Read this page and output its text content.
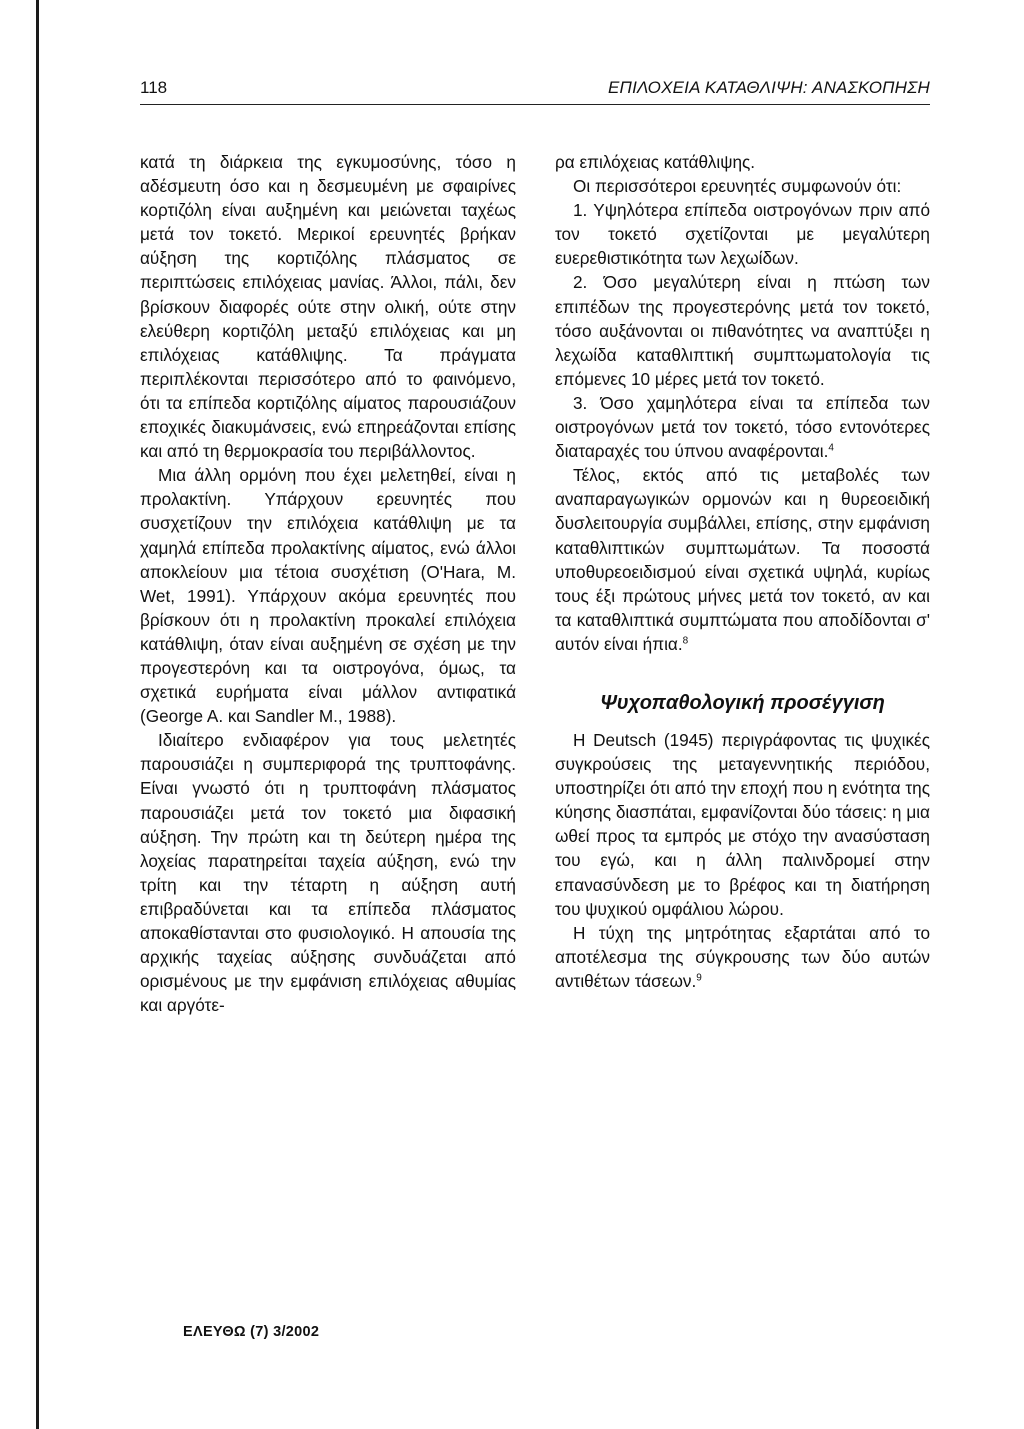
118	ΕΠΙΛΟΧΕΙΑ ΚΑΤΑΘΛΙΨΗ: ΑΝΑΣΚΟΠΗΣΗ

κατά τη διάρκεια της εγκυμοσύνης, τόσο η αδέσμευτη όσο και η δεσμευμένη με σφαιρίνες κορτιζόλη είναι αυξημένη και μειώνεται ταχέως μετά τον τοκετό. Μερικοί ερευνητές βρήκαν αύξηση της κορτιζόλης πλάσματος σε περιπτώσεις επιλόχειας μανίας. Άλλοι, πάλι, δεν βρίσκουν διαφορές ούτε στην ολική, ούτε στην ελεύθερη κορτιζόλη μεταξύ επιλόχειας και μη επιλόχειας κατάθλιψης. Τα πράγματα περιπλέκονται περισσότερο από το φαινόμενο, ότι τα επίπεδα κορτιζόλης αίματος παρουσιάζουν εποχικές διακυμάνσεις, ενώ επηρεάζονται επίσης και από τη θερμοκρασία του περιβάλλοντος.

Μια άλλη ορμόνη που έχει μελετηθεί, είναι η προλακτίνη. Υπάρχουν ερευνητές που συσχετίζουν την επιλόχεια κατάθλιψη με τα χαμηλά επίπεδα προλακτίνης αίματος, ενώ άλλοι αποκλείουν μια τέτοια συσχέτιση (O'Hara, M. Wet, 1991). Υπάρχουν ακόμα ερευνητές που βρίσκουν ότι η προλακτίνη προκαλεί επιλόχεια κατάθλιψη, όταν είναι αυξημένη σε σχέση με την προγεστερόνη και τα οιστρογόνα, όμως, τα σχετικά ευρήματα είναι μάλλον αντιφατικά (George A. και Sandler M., 1988).

Ιδιαίτερο ενδιαφέρον για τους μελετητές παρουσιάζει η συμπεριφορά της τρυπτοφάνης. Είναι γνωστό ότι η τρυπτοφάνη πλάσματος παρουσιάζει μετά τον τοκετό μια διφασική αύξηση. Την πρώτη και τη δεύτερη ημέρα της λοχείας παρατηρείται ταχεία αύξηση, ενώ την τρίτη και την τέταρτη η αύξηση αυτή επιβραδύνεται και τα επίπεδα πλάσματος αποκαθίστανται στο φυσιολογικό. Η απουσία της αρχικής ταχείας αύξησης συνδυάζεται από ορισμένους με την εμφάνιση επιλόχειας αθυμίας και αργότε-

ρα επιλόχειας κατάθλιψης.

Οι περισσότεροι ερευνητές συμφωνούν ότι:

1. Υψηλότερα επίπεδα οιστρογόνων πριν από τον τοκετό σχετίζονται με μεγαλύτερη ευερεθιστικότητα των λεχωίδων.

2. Όσο μεγαλύτερη είναι η πτώση των επιπέδων της προγεστερόνης μετά τον τοκετό, τόσο αυξάνονται οι πιθανότητες να αναπτύξει η λεχωίδα καταθλιπτική συμπτωματολογία τις επόμενες 10 μέρες μετά τον τοκετό.

3. Όσο χαμηλότερα είναι τα επίπεδα των οιστρογόνων μετά τον τοκετό, τόσο εντονότερες διαταραχές του ύπνου αναφέρονται.$^4$

Τέλος, εκτός από τις μεταβολές των αναπαραγωγικών ορμονών και η θυρεοειδική δυσλειτουργία συμβάλλει, επίσης, στην εμφάνιση καταθλιπτικών συμπτωμάτων. Τα ποσοστά υποθυρεοειδισμού είναι σχετικά υψηλά, κυρίως τους έξι πρώτους μήνες μετά τον τοκετό, αν και τα καταθλιπτικά συμπτώματα που αποδίδονται σ' αυτόν είναι ήπια.$^8$

Ψυχοπαθολογική προσέγγιση

Η Deutsch (1945) περιγράφοντας τις ψυχικές συγκρούσεις της μεταγεννητικής περιόδου, υποστηρίζει ότι από την εποχή που η ενότητα της κύησης διασπάται, εμφανίζονται δύο τάσεις: η μια ωθεί προς τα εμπρός με στόχο την ανασύσταση του εγώ, και η άλλη παλινδρομεί στην επανασύνδεση με το βρέφος και τη διατήρηση του ψυχικού ομφάλιου λώρου.

Η τύχη της μητρότητας εξαρτάται από το αποτέλεσμα της σύγκρουσης των δύο αυτών αντιθέτων τάσεων.$^9$

ΕΛΕΥΘΩ (7) 3/2002
